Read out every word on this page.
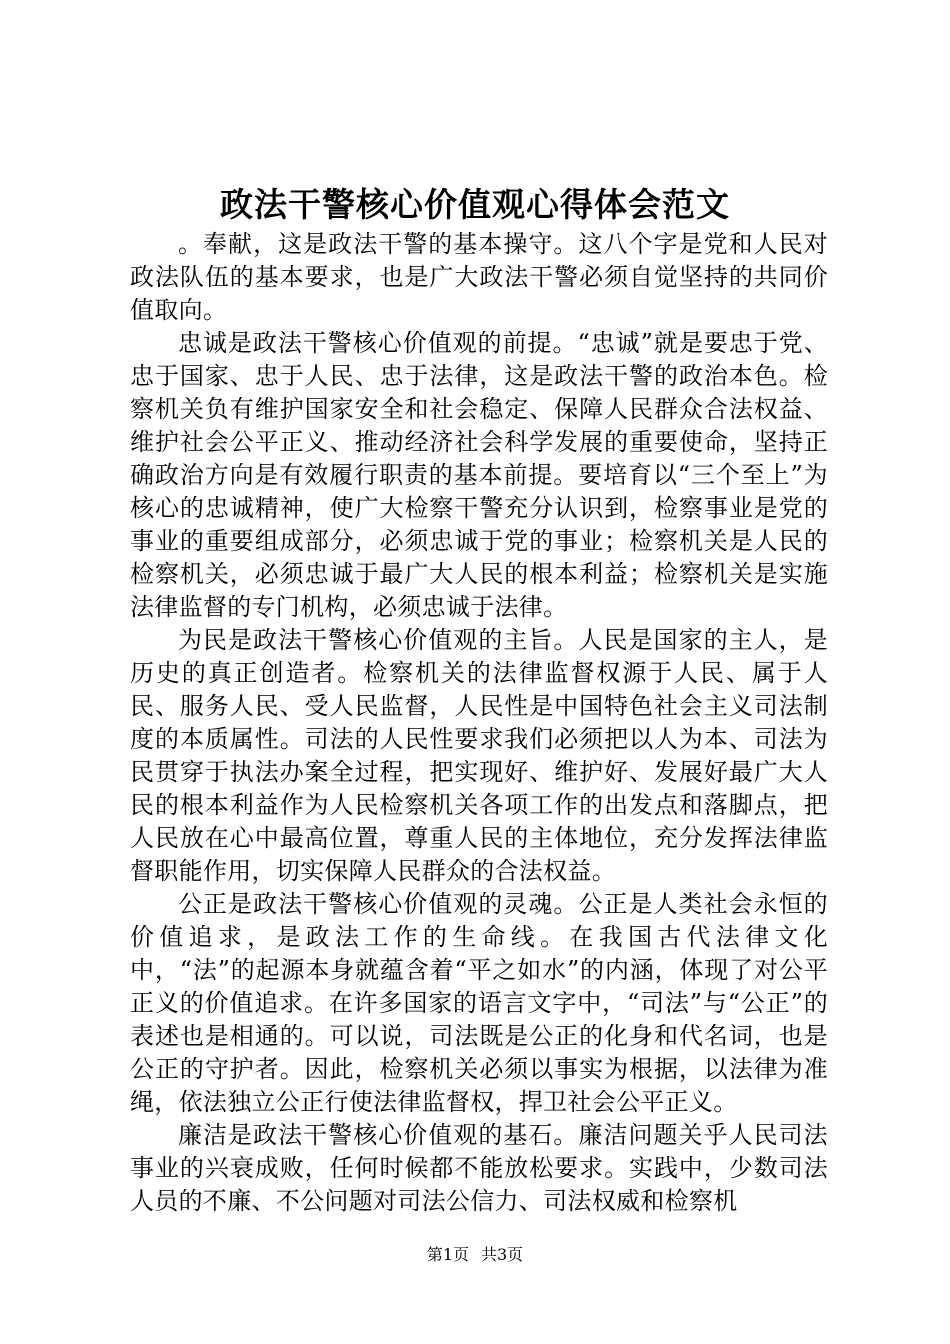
政法干警核心价值观心得体会范文

。奉献，这是政法干警的基本操守。这八个字是党和人民对政法队伍的基本要求，也是广大政法干警必须自觉坚持的共同价值取向。

忠诚是政法干警核心价值观的前提。“忠诚”就是要忠于党、忠于国家、忠于人民、忠于法律，这是政法干警的政治本色。检察机关负有维护国家安全和社会稳定、保障人民群众合法权益、维护社会公平正义、推动经济社会科学发展的重要使命，坚持正确政治方向是有效履行职责的基本前提。要培育以“三个至上”为核心的忠诚精神，使广大检察干警充分认识到，检察事业是党的事业的重要组成部分，必须忠诚于党的事业；检察机关是人民的检察机关，必须忠诚于最广大人民的根本利益；检察机关是实施法律监督的专门机构，必须忠诚于法律。

为民是政法干警核心价值观的主旨。人民是国家的主人，是历史的真正创造者。检察机关的法律监督权源于人民、属于人民、服务人民、受人民监督，人民性是中国特色社会主义司法制度的本质属性。司法的人民性要求我们必须把以人为本、司法为民贯穿于执法办案全过程，把实现好、维护好、发展好最广大人民的根本利益作为人民检察机关各项工作的出发点和落脚点，把人民放在心中最高位置，尊重人民的主体地位，充分发挥法律监督职能作用，切实保障人民群众的合法权益。

公正是政法干警核心价值观的灵魂。公正是人类社会永恒的价值追求，是政法工作的生命线。在我国古代法律文化中，“法”的起源本身就蕴含着“平之如水”的内涵，体现了对公平正义的价值追求。在许多国家的语言文字中，“司法”与“公正”的表述也是相通的。可以说，司法既是公正的化身和代名词，也是公正的守护者。因此，检察机关必须以事实为根据，以法律为准绳，依法独立公正行使法律监督权，捍卫社会公平正义。

廉洁是政法干警核心价值观的基石。廉洁问题关乎人民司法事业的兴衰成败，任何时候都不能放松要求。实践中，少数司法人员的不廉、不公问题对司法公信力、司法权威和检察机

第1页 共3页
